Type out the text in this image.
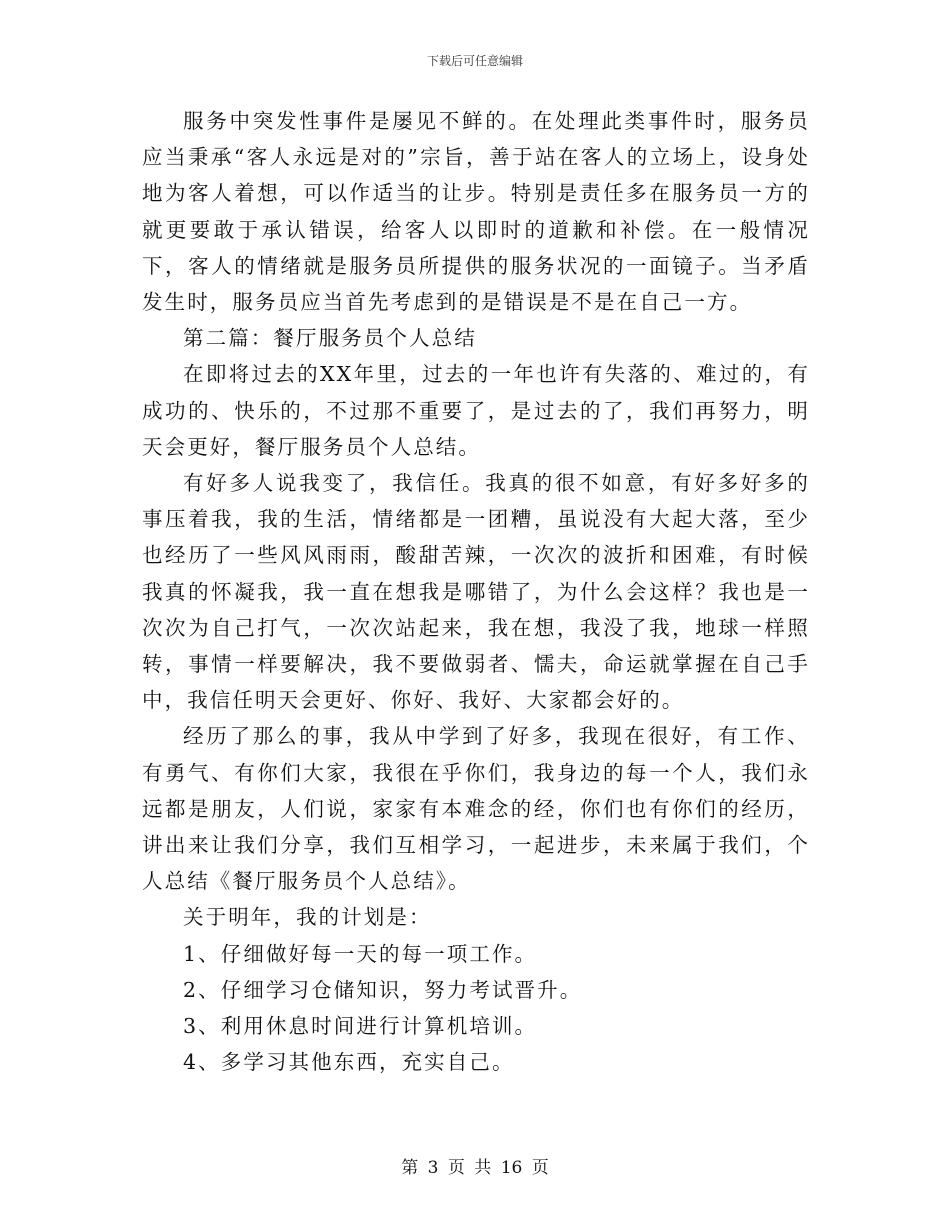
下载后可任意编辑

服务中突发性事件是屡见不鲜的。在处理此类事件时，服务员应当秉承“客人永远是对的”宗旨，善于站在客人的立场上，设身处地为客人着想，可以作适当的让步。特别是责任多在服务员一方的就更要敢于承认错误，给客人以即时的道歉和补偿。在一般情况下，客人的情绪就是服务员所提供的服务状况的一面镜子。当矛盾发生时，服务员应当首先考虑到的是错误是不是在自己一方。

第二篇：餐厅服务员个人总结

在即将过去的XX年里，过去的一年也许有失落的、难过的，有成功的、快乐的，不过那不重要了，是过去的了，我们再努力，明天会更好，餐厅服务员个人总结。

有好多人说我变了，我信任。我真的很不如意，有好多好多的事压着我，我的生活，情绪都是一团糟，虽说没有大起大落，至少也经历了一些风风雨雨，酸甜苦辣，一次次的波折和困难，有时候我真的怀凝我，我一直在想我是哪错了，为什么会这样？我也是一次次为自己打气，一次次站起来，我在想，我没了我，地球一样照转，事情一样要解决，我不要做弱者、懦夫，命运就掌握在自己手中，我信任明天会更好、你好、我好、大家都会好的。

经历了那么的事，我从中学到了好多，我现在很好，有工作、有勇气、有你们大家，我很在乎你们，我身边的每一个人，我们永远都是朋友，人们说，家家有本难念的经，你们也有你们的经历，讲出来让我们分享，我们互相学习，一起进步，未来属于我们，个人总结《餐厅服务员个人总结》。

关于明年，我的计划是：

1、仔细做好每一天的每一项工作。

2、仔细学习仓储知识，努力考试晋升。

3、利用休息时间进行计算机培训。

4、多学习其他东西，充实自己。

第 3 页 共 16 页
